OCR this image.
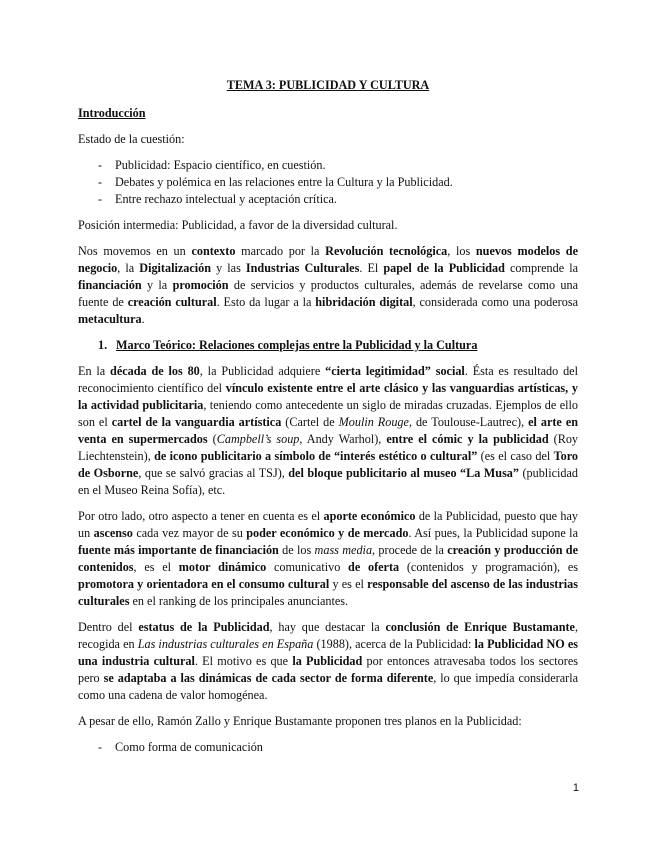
TEMA 3: PUBLICIDAD Y CULTURA
Introducción

Estado de la cuestión:

- Publicidad: Espacio científico, en cuestión.
- Debates y polémica en las relaciones entre la Cultura y la Publicidad.
- Entre rechazo intelectual y aceptación crítica.

Posición intermedia: Publicidad, a favor de la diversidad cultural.

Nos movemos en un contexto marcado por la Revolución tecnológica, los nuevos modelos de negocio, la Digitalización y las Industrias Culturales. El papel de la Publicidad comprende la financiación y la promoción de servicios y productos culturales, además de revelarse como una fuente de creación cultural. Esto da lugar a la hibridación digital, considerada como una poderosa metacultura.

1. Marco Teórico: Relaciones complejas entre la Publicidad y la Cultura

En la década de los 80, la Publicidad adquiere “cierta legitimidad” social. Ésta es resultado del reconocimiento científico del vínculo existente entre el arte clásico y las vanguardias artísticas, y la actividad publicitaria, teniendo como antecedente un siglo de miradas cruzadas. Ejemplos de ello son el cartel de la vanguardia artística (Cartel de Moulin Rouge, de Toulouse-Lautrec), el arte en venta en supermercados (Campbell’s soup, Andy Warhol), entre el cómic y la publicidad (Roy Liechtenstein), de icono publicitario a símbolo de “interés estético o cultural” (es el caso del Toro de Osborne, que se salvó gracias al TSJ), del bloque publicitario al museo “La Musa” (publicidad en el Museo Reina Sofía), etc.

Por otro lado, otro aspecto a tener en cuenta es el aporte económico de la Publicidad, puesto que hay un ascenso cada vez mayor de su poder económico y de mercado. Así pues, la Publicidad supone la fuente más importante de financiación de los mass media, procede de la creación y producción de contenidos, es el motor dinámico comunicativo de oferta (contenidos y programación), es promotora y orientadora en el consumo cultural y es el responsable del ascenso de las industrias culturales en el ranking de los principales anunciantes.

Dentro del estatus de la Publicidad, hay que destacar la conclusión de Enrique Bustamante, recogida en Las industrias culturales en España (1988), acerca de la Publicidad: la Publicidad NO es una industria cultural. El motivo es que la Publicidad por entonces atravesaba todos los sectores pero se adaptaba a las dinámicas de cada sector de forma diferente, lo que impedía considerarla como una cadena de valor homogénea.

A pesar de ello, Ramón Zallo y Enrique Bustamante proponen tres planos en la Publicidad:

- Como forma de comunicación
1
